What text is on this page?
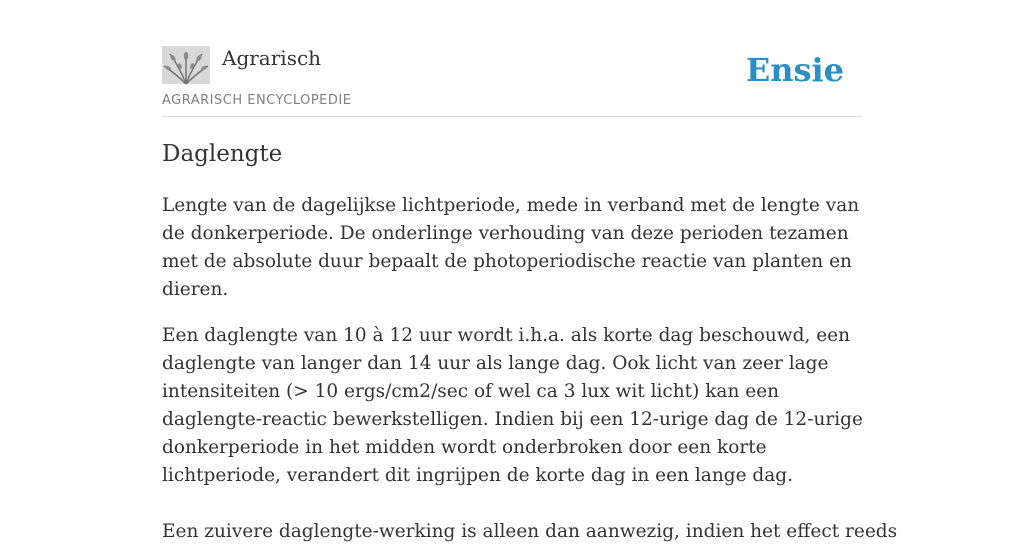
Agrarisch
AGRARISCH ENCYCLOPEDIE
Ensie
Daglengte

Lengte van de dagelijkse lichtperiode, mede in verband met de lengte van de donkerperiode. De onderlinge verhouding van deze perioden tezamen met de absolute duur bepaalt de photoperiodische reactie van planten en dieren.

Een daglengte van 10 à 12 uur wordt i.h.a. als korte dag beschouwd, een daglengte van langer dan 14 uur als lange dag. Ook licht van zeer lage intensiteiten (> 10 ergs/cm2/sec of wel ca 3 lux wit licht) kan een daglengte-reactic bewerkstelligen. Indien bij een 12-urige dag de 12-urige donkerperiode in het midden wordt onderbroken door een korte lichtperiode, verandert dit ingrijpen de korte dag in een lange dag.

Een zuivere daglengte-werking is alleen dan aanwezig, indien het effect reeds
